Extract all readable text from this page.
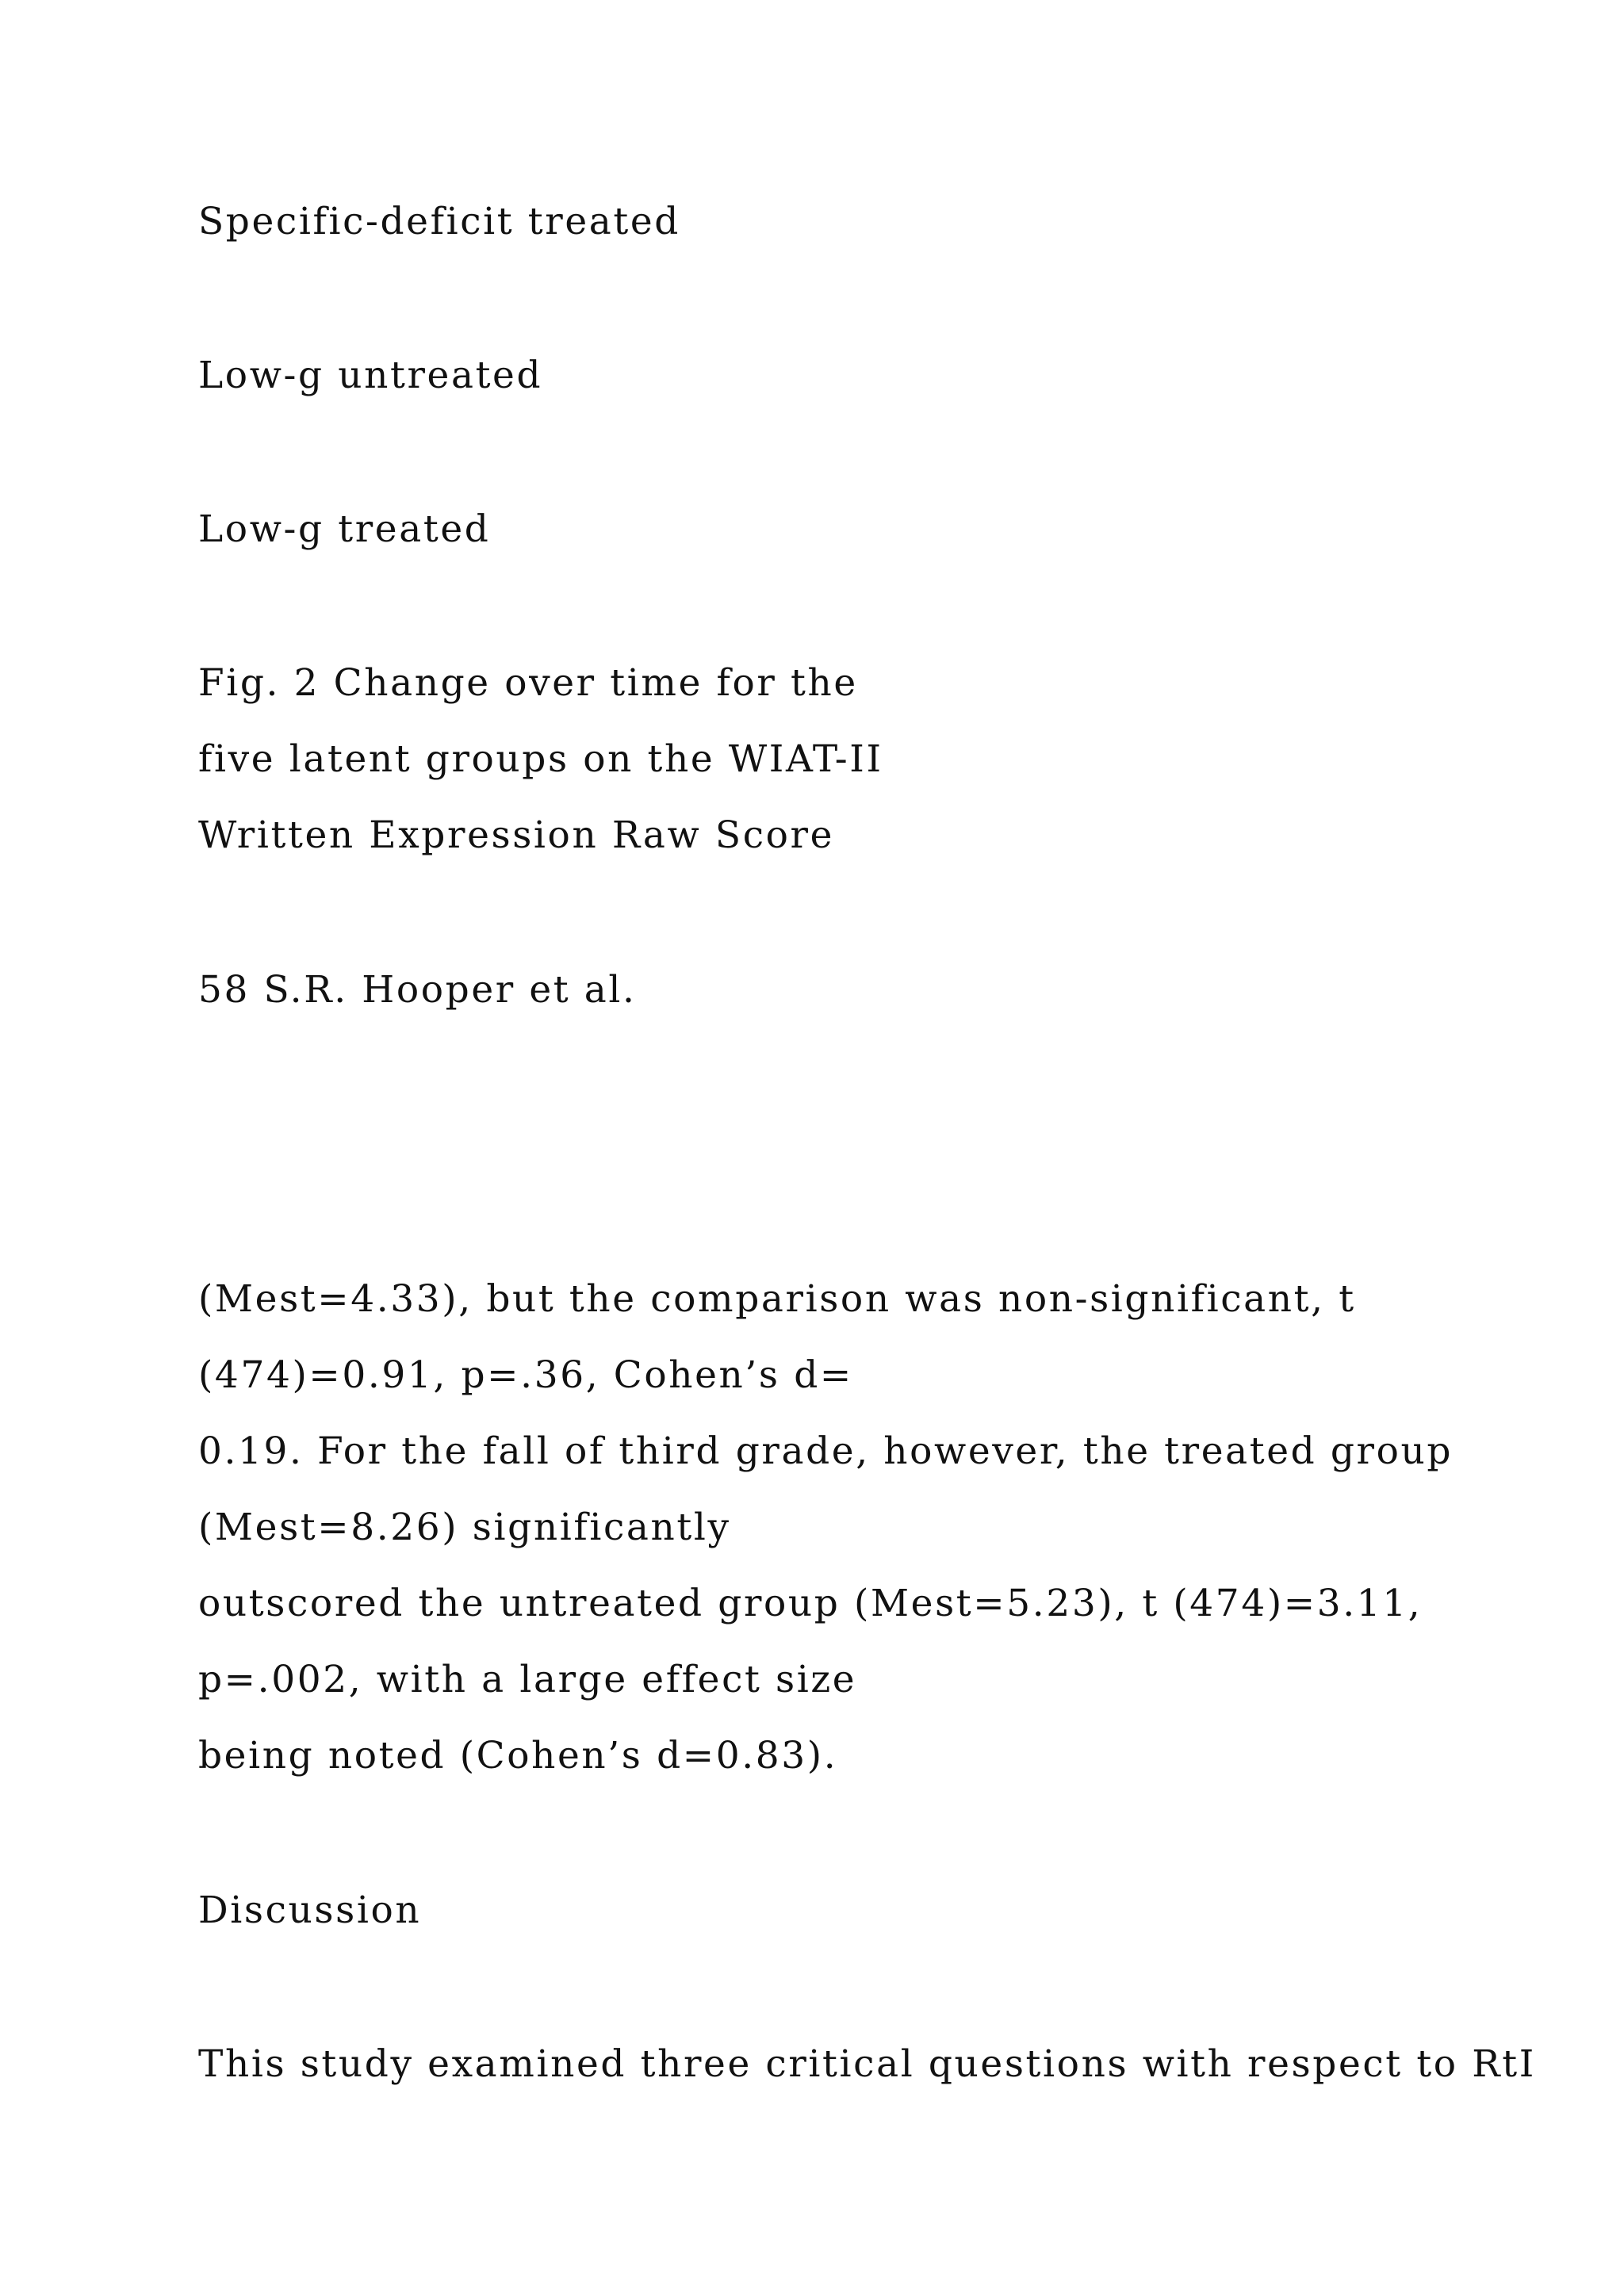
Specific-deficit treated

Low-g untreated

Low-g treated

Fig. 2 Change over time for the

five latent groups on the WIAT-II

Written Expression Raw Score

58 S.R. Hooper et al.

(Mest=4.33), but the comparison was non-significant, t

(474)=0.91, p=.36, Cohen’s d=

0.19. For the fall of third grade, however, the treated group

(Mest=8.26) significantly

outscored the untreated group (Mest=5.23), t (474)=3.11,

p=.002, with a large effect size

being noted (Cohen’s d=0.83).

Discussion

This study examined three critical questions with respect to RtI
